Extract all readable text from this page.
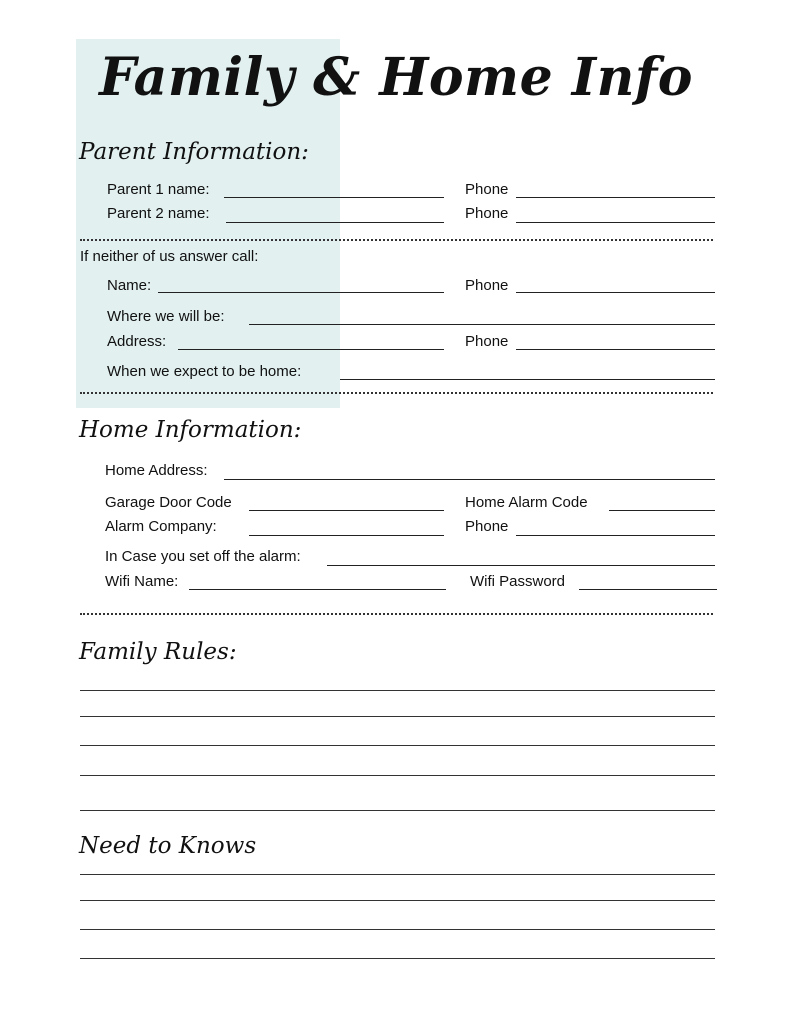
Family & Home Info
Parent Information:
Parent 1 name:	Phone
Parent 2 name:	Phone
If neither of us answer call:
Name:	Phone
Where we will be:
Address:	Phone
When we expect to be home:
Home Information:
Home Address:
Garage Door Code	Home Alarm Code
Alarm Company:	Phone
In Case you set off the alarm:
Wifi Name:	Wifi Password
Family Rules:
Need to Knows
